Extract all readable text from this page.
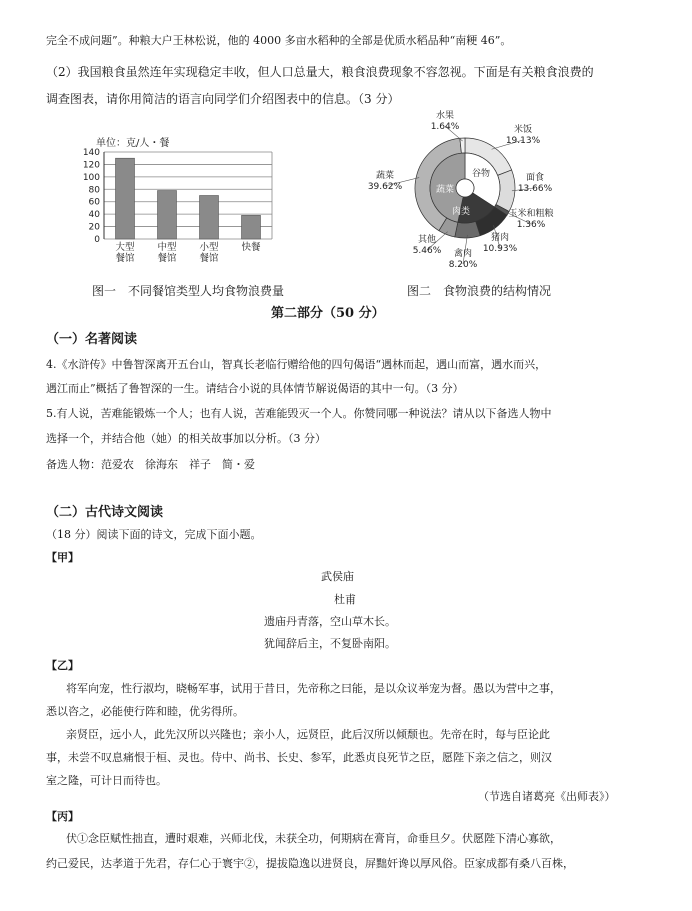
完全不成问题”。种粮大户王林松说，他的 4000 多亩水稻种的全部是优质水稻品种“南粳 46”。
（2）我国粮食虽然连年实现稳定丰收，但人口总量大，粮食浪费现象不容忽视。下面是有关粮食浪费的
调查图表，请你用简洁的语言向同学们介绍图表中的信息。（3 分）
单位：克/人・餐
0
20
40
60
80
100
120
140
大型
餐馆
中型
餐馆
小型
餐馆
快餐
图一　不同餐馆类型人均食物浪费量
谷物
肉类
蔬菜
米饭
19.13%
面食
13.66%
玉米和粗粮
1.36%
猪肉
10.93%
禽肉
8.20%
其他
5.46%
蔬菜
39.62%
水果
1.64%
图二　食物浪费的结构情况
第二部分（50 分）
（一）名著阅读
4.《水浒传》中鲁智深离开五台山，智真长老临行赠给他的四句偈语“遇林而起，遇山而富，遇水而兴，
遇江而止”概括了鲁智深的一生。请结合小说的具体情节解说偈语的其中一句。（3 分）
5.有人说，苦难能锻炼一个人；也有人说，苦难能毁灭一个人。你赞同哪一种说法？请从以下备选人物中
选择一个，并结合他（她）的相关故事加以分析。（3 分）
备选人物：范爱农　徐海东　祥子　简・爱
（二）古代诗文阅读
（18 分）阅读下面的诗文，完成下面小题。
【甲】
武侯庙
杜甫
遗庙丹青落，空山草木长。
犹闻辞后主，不复卧南阳。
【乙】
将军向宠，性行淑均，晓畅军事，试用于昔日，先帝称之曰能，是以众议举宠为督。愚以为营中之事，
悉以咨之，必能使行阵和睦，优劣得所。
亲贤臣，远小人，此先汉所以兴隆也；亲小人，远贤臣，此后汉所以倾颓也。先帝在时，每与臣论此
事，未尝不叹息痛恨于桓、灵也。侍中、尚书、长史、参军，此悉贞良死节之臣，愿陛下亲之信之，则汉
室之隆，可计日而待也。
（节选自诸葛亮《出师表》）
【丙】
伏①念臣赋性拙直，遭时艰难，兴师北伐，未获全功，何期病在膏肓，命垂旦夕。伏愿陛下清心寡欲，
约己爱民，达孝道于先君，存仁心于寰宇②，提拔隐逸以进贤良，屏黜奸谗以厚风俗。臣家成都有桑八百株，
